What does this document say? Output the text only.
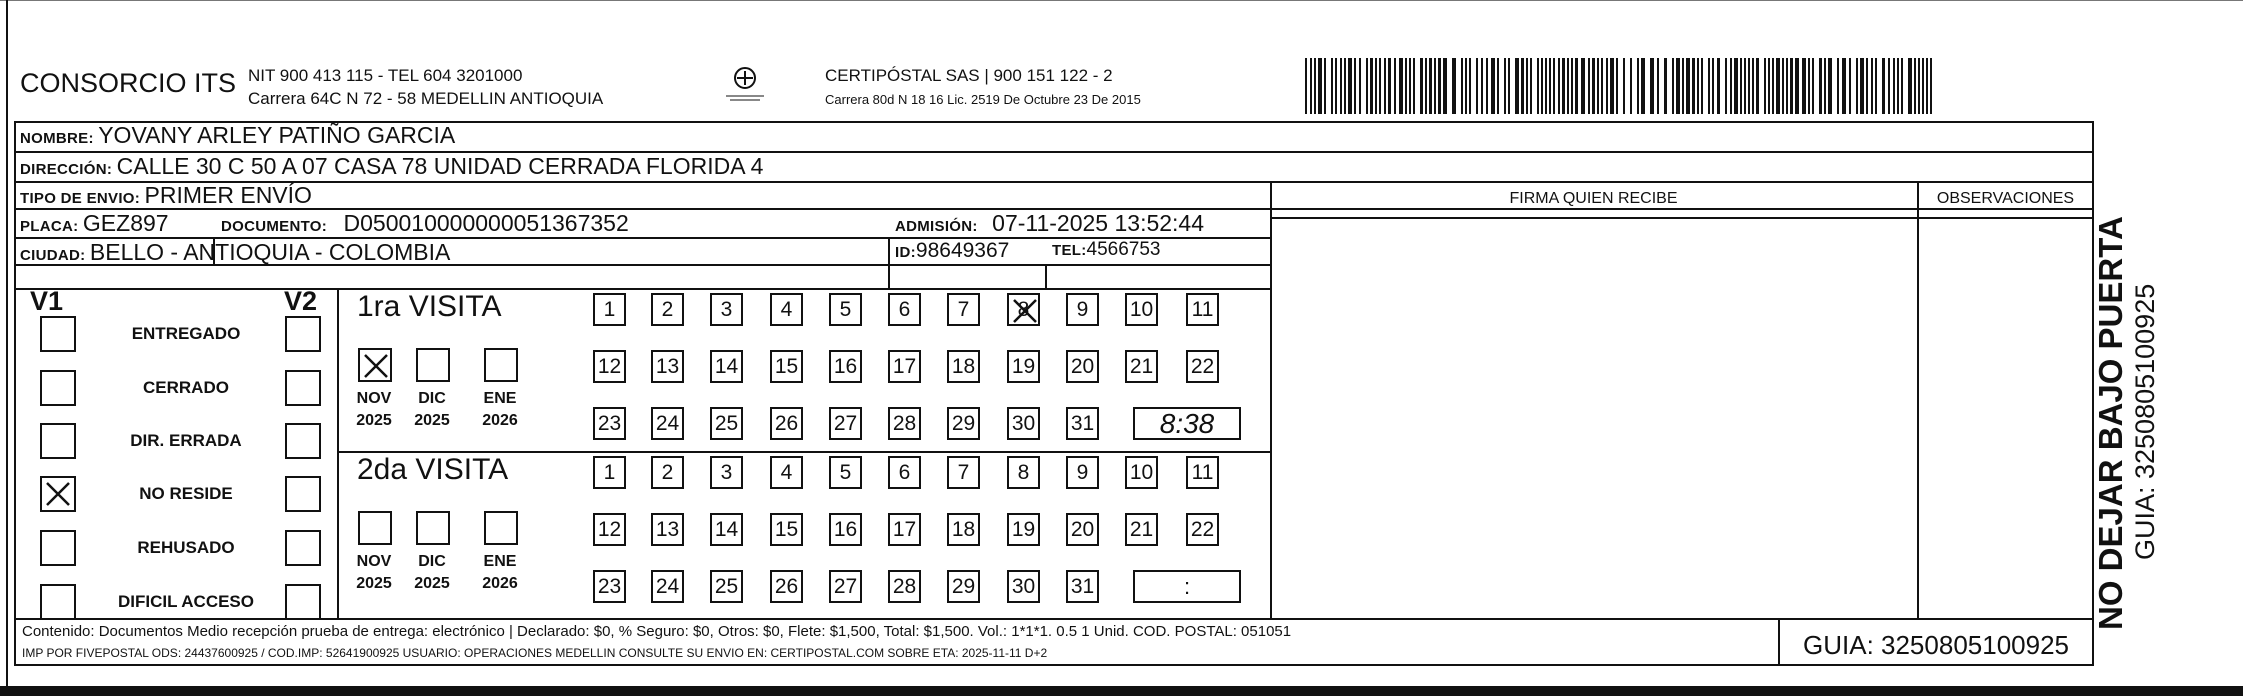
CONSORCIO ITS NIT 900 413 115 - TEL 604 3201000
Carrera 64C N 72 - 58 MEDELLIN ANTIOQUIA
CERTIPÓSTAL SAS | 900 151 122 - 2
Carrera 80d N 18 16 Lic. 2519 De Octubre 23 De 2015
NOMBRE: YOVANY ARLEY PATIÑO GARCIA
DIRECCIÓN: CALLE 30 C 50 A 07 CASA 78 UNIDAD CERRADA FLORIDA 4
TIPO DE ENVIO: PRIMER ENVÍO	FIRMA QUIEN RECIBE	OBSERVACIONES
PLACA: GEZ897	DOCUMENTO: D050010000000051367352	ADMISIÓN: 07-11-2025 13:52:44
CIUDAD: BELLO - ANTIOQUIA - COLOMBIA	ID:98649367	TEL:4566753
V1	V2
ENTREGADO
CERRADO
DIR. ERRADA
NO RESIDE
REHUSADO
DIFICIL ACCESO
1ra VISITA
NOV
2025
DIC
2025
ENE
2026
1 2 3 4 5 6 7 8 9 10 11
12 13 14 15 16 17 18 19 20 21 22
23 24 25 26 27 28 29 30 31	8:38
2da VISITA
NOV
2025
DIC
2025
ENE
2026
1 2 3 4 5 6 7 8 9 10 11
12 13 14 15 16 17 18 19 20 21 22
23 24 25 26 27 28 29 30 31	:
Contenido: Documentos Medio recepción prueba de entrega: electrónico | Declarado: $0, % Seguro: $0, Otros: $0, Flete: $1,500, Total: $1,500. Vol.: 1*1*1. 0.5 1 Unid. COD. POSTAL: 051051
IMP POR FIVEPOSTAL ODS: 24437600925 / COD.IMP: 52641900925 USUARIO: OPERACIONES MEDELLIN CONSULTE SU ENVIO EN: CERTIPOSTAL.COM SOBRE ETA: 2025-11-11 D+2	GUIA: 3250805100925
NO DEJAR BAJO PUERTA GUIA: 3250805100925
